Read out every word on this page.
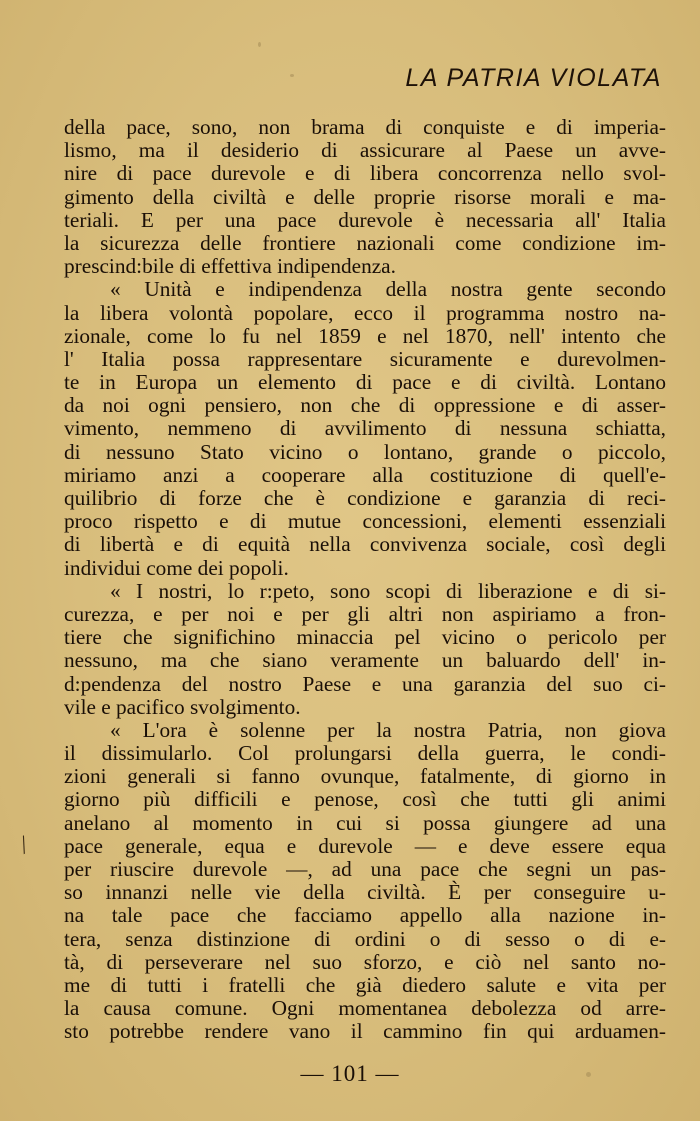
LA PATRIA VIOLATA
della pace, sono, non brama di conquiste e di imperia-
lismo, ma il desiderio di assicurare al Paese un avve-
nire di pace durevole e di libera concorrenza nello svol-
gimento della civiltà e delle proprie risorse morali e ma-
teriali. E per una pace durevole è necessaria all' Italia
la sicurezza delle frontiere nazionali come condizione im-
prescind:bile di effettiva indipendenza.
« Unità e indipendenza della nostra gente secondo
la libera volontà popolare, ecco il programma nostro na-
zionale, come lo fu nel 1859 e nel 1870, nell' intento che
l' Italia possa rappresentare sicuramente e durevolmen-
te in Europa un elemento di pace e di civiltà. Lontano
da noi ogni pensiero, non che di oppressione e di asser-
vimento, nemmeno di avvilimento di nessuna schiatta,
di nessuno Stato vicino o lontano, grande o piccolo,
miriamo anzi a cooperare alla costituzione di quell'e-
quilibrio di forze che è condizione e garanzia di reci-
proco rispetto e di mutue concessioni, elementi essenziali
di libertà e di equità nella convivenza sociale, così degli
individui come dei popoli.
« I nostri, lo r:peto, sono scopi di liberazione e di si-
curezza, e per noi e per gli altri non aspiriamo a fron-
tiere che significhino minaccia pel vicino o pericolo per
nessuno, ma che siano veramente un baluardo dell' in-
d:pendenza del nostro Paese e una garanzia del suo ci-
vile e pacifico svolgimento.
« L'ora è solenne per la nostra Patria, non giova
il dissimularlo. Col prolungarsi della guerra, le condi-
zioni generali si fanno ovunque, fatalmente, di giorno in
giorno più difficili e penose, così che tutti gli animi
anelano al momento in cui si possa giungere ad una
pace generale, equa e durevole — e deve essere equa
per riuscire durevole —, ad una pace che segni un pas-
so innanzi nelle vie della civiltà. È per conseguire u-
na tale pace che facciamo appello alla nazione in-
tera, senza distinzione di ordini o di sesso o di e-
tà, di perseverare nel suo sforzo, e ciò nel santo no-
me di tutti i fratelli che già diedero salute e vita per
la causa comune. Ogni momentanea debolezza od arre-
sto potrebbe rendere vano il cammino fin qui arduamen-
╱
— 101 —
